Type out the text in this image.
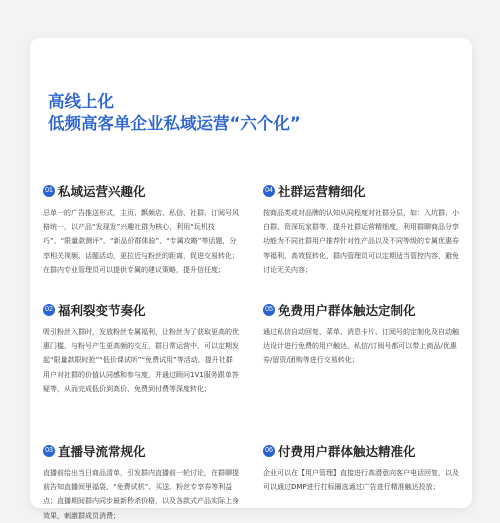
高线上化
低频高客单企业私域运营“六个化”
01 私域运营兴趣化
忌单一的广告推送形式，主页、飘频店、私信、社群、订阅号风格统一，以产品“发现发”兴趣社群为核心，利用“玩机技巧”、“限量款测评”、“新品价群体验”、“专属攻略”等话题，分享相关视频、话题活动，更拉近与粉丝的距离，促进交易转化；在群内专业管理员可以提供专属的建议策略，提升信任度；
04 社群运营精细化
按商品类或对品牌的认知从同程度对社群分层，如：入坑群、小白群、资深玩家群等，提升社群运营精细度，利用群聊商品分享功能为不同社群用户推荐针对性产品以及不同等级的专属优惠券等福利，高效促转化，群内管理员可以定期适当管控内容，避免讨论无关内容；
02 福利裂变节奏化
吸引粉丝入群时，发放粉丝专属福利，让粉丝为了获取更高的优惠门槛，与粉号产生更高频的交互，群日常运营中，可以定期发起“限量款限时抢”“低价课试听”“免费试用”等活动，提升社群用户对社群的价值认同感和参与度，并通过顾问1V1服务跟单答疑等，从而完成低价到高价、免费到付费等深度转化；
05 免费用户群体触达定制化
通过私信自动回复、菜单、消息卡片、订阅号的定制化及自动触达设计进行免费的用户触达，私信/订阅号都可以带上商品/优惠券/留资/团购等进行交易转化；
03 直播导流常规化
直播前给出当日商品清单，引发群内直播前一轮讨论，在群聊提前告知直播间里福袋、“免费试机”、买送、粉丝专享券等利益点；直播期间群内同步最新秒杀价格，以及各款式产品实际上身效果，刺激群成员消费；
06 付费用户群体触达精准化
企业可以在【用户管理】直接进行高潜意向客户电话回复，以及可以通过DMP进行打标圈选通过广告进行精准触达投放；
